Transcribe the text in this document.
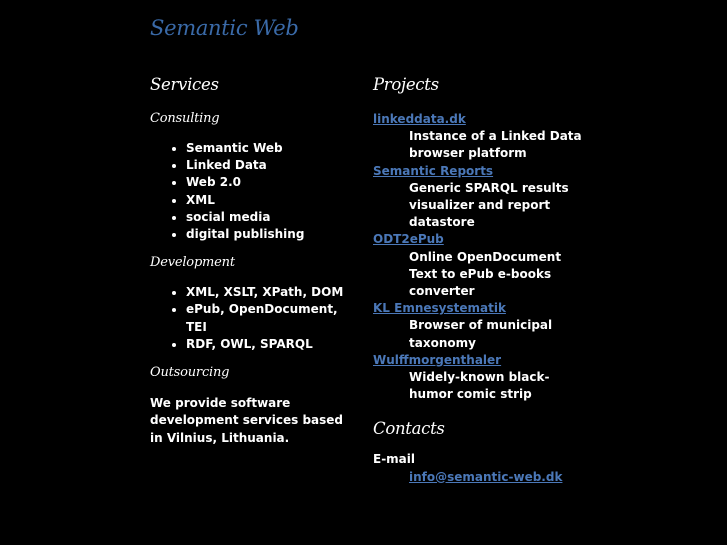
Semantic Web
Services
Consulting
• Semantic Web
• Linked Data
• Web 2.0
• XML
• social media
• digital publishing
Development
• XML, XSLT, XPath, DOM
• ePub, OpenDocument, TEI
• RDF, OWL, SPARQL
Outsourcing

We provide software development services based in Vilnius, Lithuania.

Projects
linkeddata.dk
Instance of a Linked Data browser platform
Semantic Reports
Generic SPARQL results visualizer and report datastore
ODT2ePub
Online OpenDocument Text to ePub e-books converter
KL Emnesystematik
Browser of municipal taxonomy
Wulffmorgenthaler
Widely-known black-humor comic strip
Contacts
E-mail
info@semantic-web.dk
